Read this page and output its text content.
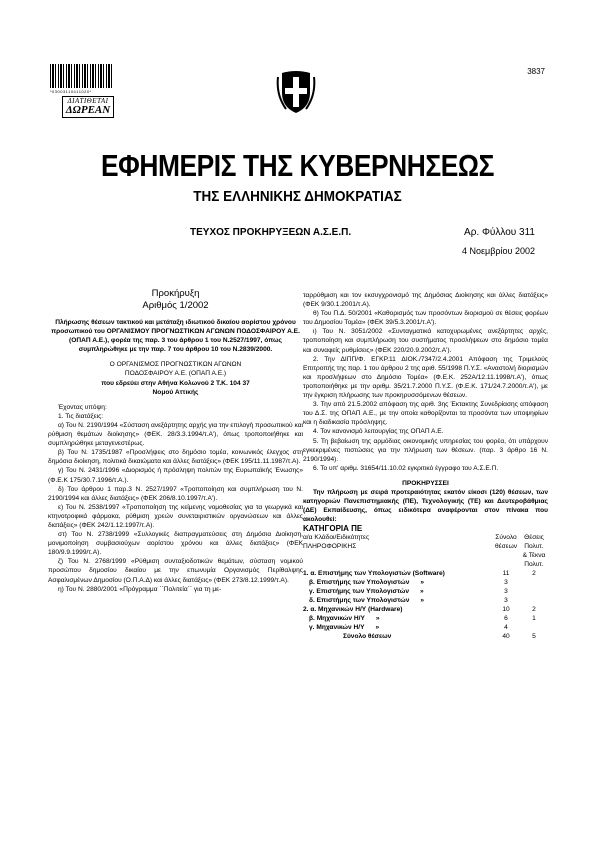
*03003110411020*
ΔΙΑΤΙΘΕΤΑΙ
ΔΩΡΕΑΝ
3837
ΕΦΗΜΕΡΙΣ ΤΗΣ ΚΥΒΕΡΝΗΣΕΩΣ
ΤΗΣ ΕΛΛΗΝΙΚΗΣ ΔΗΜΟΚΡΑΤΙΑΣ
ΤΕΥΧΟΣ ΠΡΟΚΗΡΥΞΕΩΝ Α.Σ.Ε.Π.	Αρ. Φύλλου 311
4 Νοεμβρίου 2002

Προκήρυξη

Αριθμός 1/2002

Πλήρωσης θέσεων τακτικού και μετάταξη ιδιωτικού δικαίου αορίστου χρόνου προσωπικού του ΟΡΓΑΝΙΣΜΟΥ ΠΡΟΓΝΩΣΤΙΚΩΝ ΑΓΩΝΩΝ ΠΟΔΟΣΦΑΙΡΟΥ Α.Ε. (ΟΠΑΠ Α.Ε.), φορέα της παρ. 3 του άρθρου 1 του Ν.2527/1997, όπως συμπληρώθηκε με την παρ. 7 του άρθρου 10 του Ν.2839/2000.

Ο ΟΡΓΑΝΙΣΜΟΣ ΠΡΟΓΝΩΣΤΙΚΩΝ ΑΓΩΝΩΝ

ΠΟΔΟΣΦΑΙΡΟΥ Α.Ε. (ΟΠΑΠ Α.Ε.)

που εδρεύει στην Αθήνα Κολωνού 2 Τ.Κ. 104 37

Νομού Αττικής

Έχοντας υπόψη:

1. Τις διατάξεις:

α) Του Ν. 2190/1994 «Σύσταση ανεξάρτητης αρχής για την επιλογή προσωπικού και ρύθμιση θεμάτων διοίκησης» (ΦΕΚ. 28/3.3.1994/τ.Α'), όπως τροποποιήθηκε και συμπληρώθηκε μεταγενεστέρως.

β) Του Ν. 1735/1987 «Προσλήψεις στο δημόσιο τομέα, κοινωνικός έλεγχος στη δημόσια διοίκηση, πολιτικά δικαιώματα και άλλες διατάξεις» (ΦΕΚ 195/11.11.1987/τ.Α).

γ) Του Ν. 2431/1996 «Διορισμός ή πρόσληψη πολιτών της Ευρωπαϊκής Ένωσης» (Φ.Ε.Κ 175/30.7.1996/τ.Α.).

δ) Του άρθρου 1 παρ.3 Ν. 2527/1997 «Τροποποίηση και συμπλήρωση του Ν. 2190/1994 και άλλες διατάξεις» (ΦΕΚ 206/8.10.1997/τ.Α').

ε) Του Ν. 2538/1997 «Τροποποίηση της κείμενης νομοθεσίας για τα γεωργικά και κτηνοτροφικά φάρμακα, ρύθμιση χρεών συνεταιριστικών οργανώσεων και άλλες διατάξεις» (ΦΕΚ 242/1.12.1997/τ.Α).

στ) Του Ν. 2738/1999 «Συλλογικές διαπραγματεύσεις στη Δημόσια Διοίκηση, μονιμοποίηση συμβασιούχων αορίστου χρόνου και άλλες διατάξεις» (ΦΕΚ 180/9.9.1999/τ.Α).

ζ) Του Ν. 2768/1999 «Ρύθμιση συνταξιοδοτικών θεμάτων, σύσταση νομικού προσώπου δημοσίου δικαίου με την επωνυμία Οργανισμός Περίθαλψης Ασφαλισμένων Δημοσίου (Ο.Π.Α.Δ) και άλλες διατάξεις» (ΦΕΚ 273/8.12.1999/τ.Α).

η) Του Ν. 2880/2001 «Πρόγραμμα ``Πολιτεία`` για τη με-

ταρρύθμιση και τον εκσυγχρονισμό της Δημόσιας Διοίκησης και άλλες διατάξεις» (ΦΕΚ 9/30.1.2001/τ.Α).

θ) Του Π.Δ. 50/2001 «Καθορισμός των προσόντων διορισμού σε θέσεις φορέων του Δημοσίου Τομέα» (ΦΕΚ 39/5.3.2001/τ.Α').

ι) Του Ν. 3051/2002 «Συνταγματικά κατοχυρωμένες ανεξάρτητες αρχές, τροποποίηση και συμπλήρωση του συστήματος προσλήψεων στο δημόσιο τομέα και συναφείς ρυθμίσεις» (ΦΕΚ 220/20.9.2002/τ.Α').

2. Την ΔΙΠΠ/Φ. ΕΓΚΡ.11 ΔΙΟΚ./7347/2.4.2001 Απόφαση της Τριμελούς Επιτροπής της παρ. 1 του άρθρου 2 της αριθ. 55/1998 Π.Υ.Σ. «Αναστολή διορισμών και προσλήψεων στο Δημόσιο Τομέα» (Φ.Ε.Κ. 252Α/12.11.1998/τ.Α'), όπως τροποποιήθηκε με την αριθμ. 35/21.7.2000 Π.Υ.Σ. (Φ.Ε.Κ. 171/24.7.2000/τ.Α'), με την έγκριση πλήρωσης των προκηρυσσόμενων θέσεων.

3. Την από 21.5.2002 απόφαση της αριθ. 3ης Έκτακτης Συνεδρίασης απόφαση του Δ.Σ. της ΟΠΑΠ Α.Ε., με την οποία καθορίζονται τα προσόντα των υποψηφίων και η διαδικασία πρόσληψης.

4. Τον κανονισμό λειτουργίας της ΟΠΑΠ Α.Ε.

5. Τη βεβαίωση της αρμόδιας οικονομικής υπηρεσίας του φορέα, ότι υπάρχουν εγκεκριμένες πιστώσεις για την πλήρωση των θέσεων. (παρ. 3 άρθρο 16 Ν. 2190/1994).

6. Το υπ' αριθμ. 31654/11.10.02 εγκριτικό έγγραφο του Α.Σ.Ε.Π.

ΠΡΟΚΗΡΥΣΣΕΙ

Την πλήρωση με σειρά προτεραιότητας εκατόν είκοσι (120) θέσεων, των κατηγοριών Πανεπιστημιακής (ΠΕ), Τεχνολογικής (ΤΕ) και Δευτεροβάθμιας (ΔΕ) Εκπαίδευσης, όπως ειδικότερα αναφέρονται στον πίνακα που ακολουθεί:

ΚΑΤΗΓΟΡΙΑ ΠΕ

α/α Κλάδοι/Ειδικότητες
ΠΛΗΡΟΦΟΡΙΚΗΣ		Σύνολο
θέσεων	Θέσεις
Πολυτ.
& Τέκνα
Πολυτ.
1. α. Επιστήμης των Υπολογιστών (Software)		11	2
β. Επιστήμης των Υπολογιστών »		3	
γ. Επιστήμης των Υπολογιστών »		3	
δ. Επιστήμης των Υπολογιστών »		3	
2. α. Μηχανικών Η/Υ (Hardware)		10	2
β. Μηχανικών Η/Υ »		6	1
γ. Μηχανικών Η/Υ »		4	
Σύνολο θέσεων		40	5
